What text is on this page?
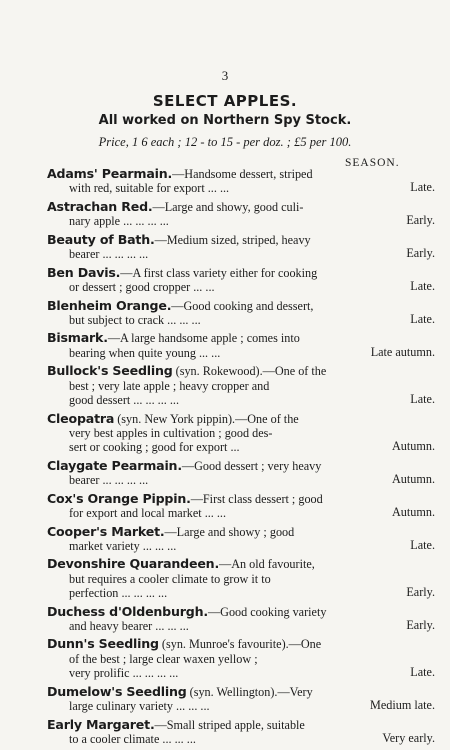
3
SELECT APPLES.
All worked on Northern Spy Stock.
Price, 1 6 each ; 12 - to 15 - per doz. ; £5 per 100.
SEASON.
Adams' Pearmain.—Handsome dessert, striped
with red, suitable for export ... ...	Late.
Astrachan Red.—Large and showy, good culi-
nary apple ... ... ... ...	Early.
Beauty of Bath.—Medium sized, striped, heavy
bearer ... ... ... ...	Early.
Ben Davis.—A first class variety either for cooking
or dessert ; good cropper ... ...	Late.
Blenheim Orange.—Good cooking and dessert,
but subject to crack ... ... ...	Late.
Bismark.—A large handsome apple ; comes into
bearing when quite young ... ...	Late autumn.
Bullock's Seedling (syn. Rokewood).—One of the
best ; very late apple ; heavy cropper and
good dessert ... ... ... ...	Late.
Cleopatra (syn. New York pippin).—One of the
very best apples in cultivation ; good des-
sert or cooking ; good for export ...	Autumn.
Claygate Pearmain.—Good dessert ; very heavy
bearer ... ... ... ...	Autumn.
Cox's Orange Pippin.—First class dessert ; good
for export and local market ... ...	Autumn.
Cooper's Market.—Large and showy ; good
market variety ... ... ...	Late.
Devonshire Quarandeen.—An old favourite,
but requires a cooler climate to grow it to
perfection ... ... ... ...	Early.
Duchess d'Oldenburgh.—Good cooking variety
and heavy bearer ... ... ...	Early.
Dunn's Seedling (syn. Munroe's favourite).—One
of the best ; large clear waxen yellow ;
very prolific ... ... ... ...	Late.
Dumelow's Seedling (syn. Wellington).—Very
large culinary variety ... ... ...	Medium late.
Early Margaret.—Small striped apple, suitable
to a cooler climate ... ... ...	Very early.
